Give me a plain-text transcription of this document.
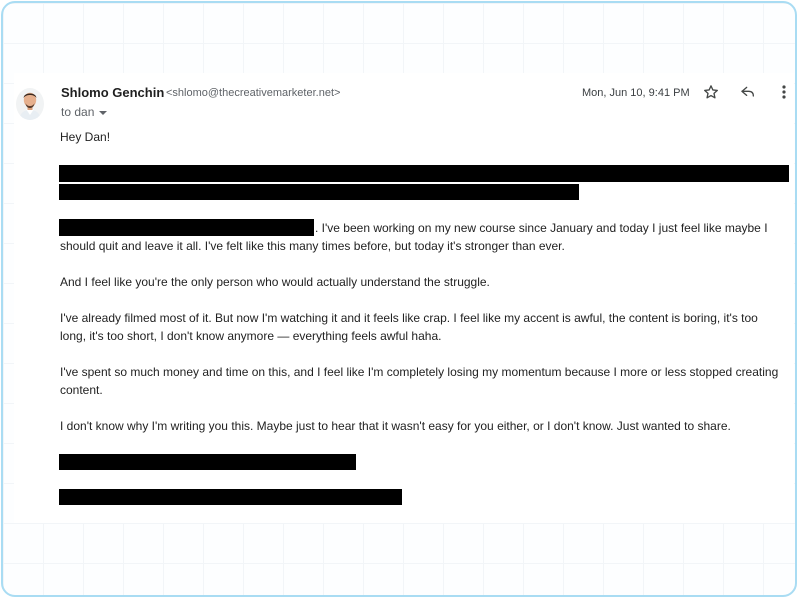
Shlomo Genchin <shlomo@thecreativemarketer.net>
to dan
Mon, Jun 10, 9:41 PM
Hey Dan!

. I've been working on my new course since January and today I just feel like maybe I should quit and leave it all. I've felt like this many times before, but today it's stronger than ever.

And I feel like you're the only person who would actually understand the struggle.

I've already filmed most of it. But now I'm watching it and it feels like crap. I feel like my accent is awful, the content is boring, it's too long, it's too short, I don't know anymore — everything feels awful haha.

I've spent so much money and time on this, and I feel like I'm completely losing my momentum because I more or less stopped creating content.

I don't know why I'm writing you this. Maybe just to hear that it wasn't easy for you either, or I don't know. Just wanted to share.
